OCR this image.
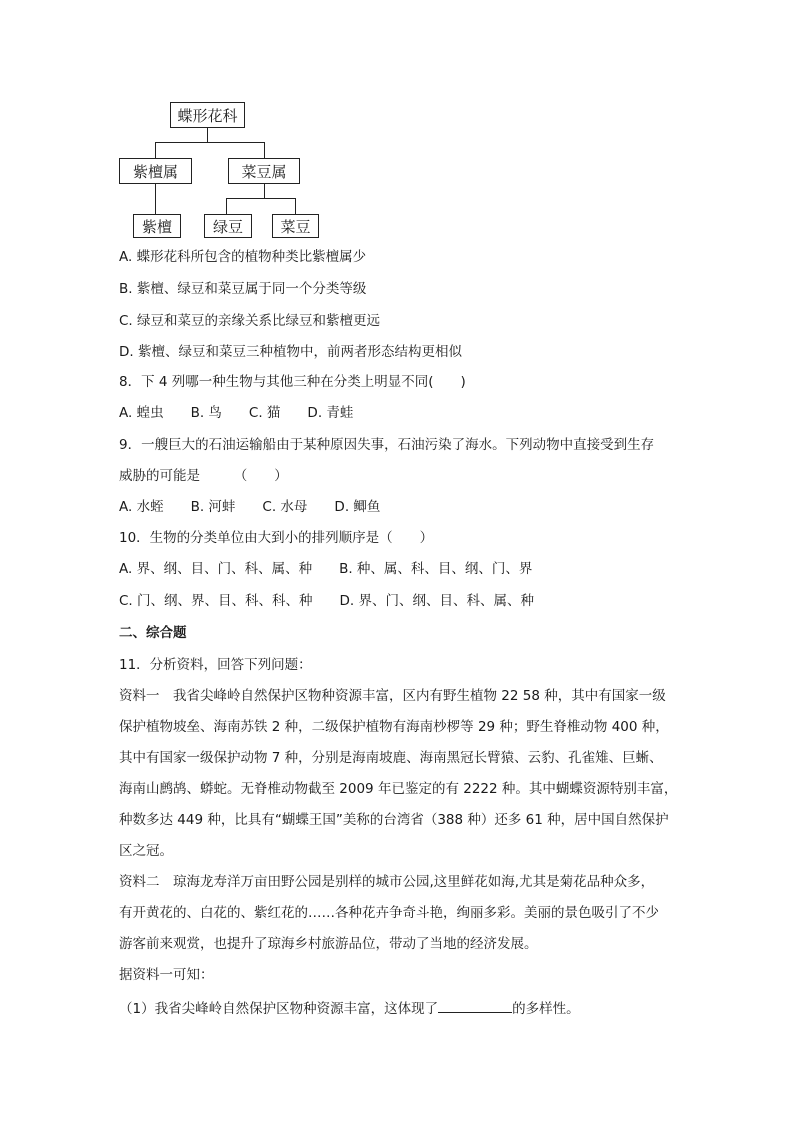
蝶形花科
紫檀属	菜豆属
紫檀	绿豆	菜豆
A. 蝶形花科所包含的植物种类比紫檀属少
B. 紫檀、绿豆和菜豆属于同一个分类等级
C. 绿豆和菜豆的亲缘关系比绿豆和紫檀更远
D. 紫檀、绿豆和菜豆三种植物中，前两者形态结构更相似
8．下 4 列哪一种生物与其他三种在分类上明显不同(　　)
A. 蝗虫　　B. 鸟　　C. 猫　　D. 青蛙
9．一艘巨大的石油运输船由于某种原因失事，石油污染了海水。下列动物中直接受到生存
威胁的可能是　　　（　　）
A. 水蛭　　B. 河蚌　　C. 水母　　D. 鲫鱼
10．生物的分类单位由大到小的排列顺序是（　　）
A. 界、纲、目、门、科、属、种　　B. 种、属、科、目、纲、门、界
C. 门、纲、界、目、科、科、种　　D. 界、门、纲、目、科、属、种
二、综合题
11．分析资料，回答下列问题：
资料一　我省尖峰岭自然保护区物种资源丰富，区内有野生植物 22 58 种，其中有国家一级
保护植物坡垒、海南苏铁 2 种，二级保护植物有海南杪椤等 29 种；野生脊椎动物 400 种，
其中有国家一级保护动物 7 种，分别是海南坡鹿、海南黑冠长臂猿、云豹、孔雀雉、巨蜥、
海南山鹧鸪、蟒蛇。无脊椎动物截至 2009 年已鉴定的有 2222 种。其中蝴蝶资源特别丰富，
种数多达 449 种，比具有“蝴蝶王国”美称的台湾省（388 种）还多 61 种，居中国自然保护
区之冠。
资料二　琼海龙寿洋万亩田野公园是别样的城市公园,这里鲜花如海,尤其是菊花品种众多，
有开黄花的、白花的、紫红花的……各种花卉争奇斗艳，绚丽多彩。美丽的景色吸引了不少
游客前来观赏，也提升了琼海乡村旅游品位，带动了当地的经济发展。
据资料一可知：
（1）我省尖峰岭自然保护区物种资源丰富，这体现了	的多样性。
